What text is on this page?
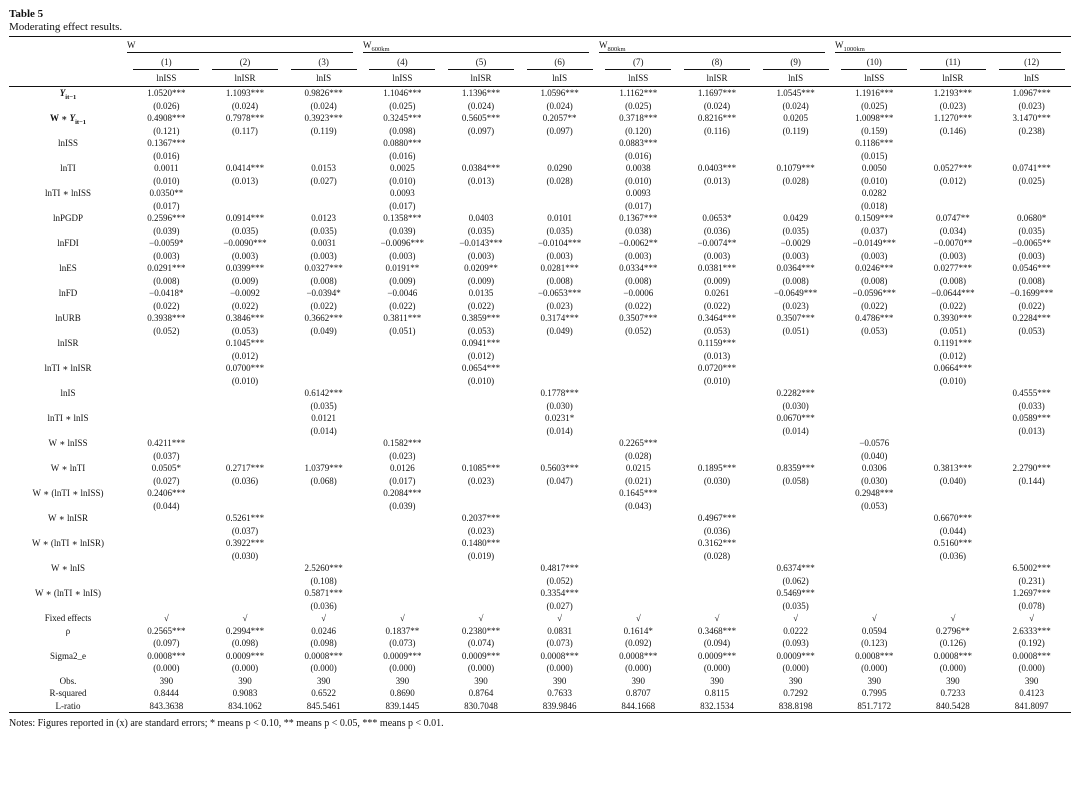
Table 5
Moderating effect results.

	W			$W_{600km}$			$W_{800km}$			$W_{1000km}$

	(1)	(2)	(3)	(4)	(5)	(6)	(7)	(8)	(9)	(10)	(11)	(12)
	lnISS	lnISR	lnIS	lnISS	lnISR	lnIS	lnISS	lnISR	lnIS	lnISS	lnISR	lnIS
$Y_{it-1}$	1.0520***	1.1093***	0.9826***	1.1046***	1.1396***	1.0596***	1.1162***	1.1697***	1.0545***	1.1916***	1.2193***	1.0967***
	(0.026)	(0.024)	(0.024)	(0.025)	(0.024)	(0.024)	(0.025)	(0.024)	(0.024)	(0.025)	(0.023)	(0.023)
W ∗ $Y_{it-1}$	0.4908***	0.7978***	0.3923***	0.3245***	0.5605***	0.2057**	0.3718***	0.8216***	0.0205	1.0098***	1.1270***	3.1470***
	(0.121)	(0.117)	(0.119)	(0.098)	(0.097)	(0.097)	(0.120)	(0.116)	(0.119)	(0.159)	(0.146)	(0.238)
lnISS	0.1367***			0.0880***			0.0883***			0.1186***		
	(0.016)			(0.016)			(0.016)			(0.015)		
lnTI	0.0011	0.0414***	0.0153	0.0025	0.0384***	0.0290	0.0038	0.0403***	0.1079***	0.0050	0.0527***	0.0741***
	(0.010)	(0.013)	(0.027)	(0.010)	(0.013)	(0.028)	(0.010)	(0.013)	(0.028)	(0.010)	(0.012)	(0.025)
lnTI ∗ lnISS	0.0350**			0.0093			0.0093			0.0282		
	(0.017)			(0.017)			(0.017)			(0.018)		
lnPGDP	0.2596***	0.0914***	0.0123	0.1358***	0.0403	0.0101	0.1367***	0.0653*	0.0429	0.1509***	0.0747**	0.0680*
	(0.039)	(0.035)	(0.035)	(0.039)	(0.035)	(0.035)	(0.038)	(0.036)	(0.035)	(0.037)	(0.034)	(0.035)
lnFDI	−0.0059*	−0.0090***	0.0031	−0.0096***	−0.0143***	−0.0104***	−0.0062**	−0.0074**	−0.0029	−0.0149***	−0.0070**	−0.0065**
	(0.003)	(0.003)	(0.003)	(0.003)	(0.003)	(0.003)	(0.003)	(0.003)	(0.003)	(0.003)	(0.003)	(0.003)
lnES	0.0291***	0.0399***	0.0327***	0.0191**	0.0209**	0.0281***	0.0334***	0.0381***	0.0364***	0.0246***	0.0277***	0.0546***
	(0.008)	(0.009)	(0.008)	(0.009)	(0.009)	(0.008)	(0.008)	(0.009)	(0.008)	(0.008)	(0.008)	(0.008)
lnFD	−0.0418*	−0.0092	−0.0394*	−0.0046	0.0135	−0.0653***	−0.0006	0.0261	−0.0649***	−0.0596***	−0.0644***	−0.1699***
	(0.022)	(0.022)	(0.022)	(0.022)	(0.022)	(0.023)	(0.022)	(0.022)	(0.023)	(0.022)	(0.022)	(0.022)
lnURB	0.3938***	0.3846***	0.3662***	0.3811***	0.3859***	0.3174***	0.3507***	0.3464***	0.3507***	0.4786***	0.3930***	0.2284***
	(0.052)	(0.053)	(0.049)	(0.051)	(0.053)	(0.049)	(0.052)	(0.053)	(0.051)	(0.053)	(0.051)	(0.053)
lnISR		0.1045***			0.0941***			0.1159***			0.1191***	
		(0.012)			(0.012)			(0.013)			(0.012)	
lnTI ∗ lnISR		0.0700***			0.0654***			0.0720***			0.0664***	
		(0.010)			(0.010)			(0.010)			(0.010)	
lnIS			0.6142***			0.1778***			0.2282***			0.4555***
			(0.035)			(0.030)			(0.030)			(0.033)
lnTI ∗ lnIS			0.0121			0.0231*			0.0670***			0.0589***
			(0.014)			(0.014)			(0.014)			(0.013)
W ∗ lnISS	0.4211***			0.1582***			0.2265***			−0.0576		
	(0.037)			(0.023)			(0.028)			(0.040)		
W ∗ lnTI	0.0505*	0.2717***	1.0379***	0.0126	0.1085***	0.5603***	0.0215	0.1895***	0.8359***	0.0306	0.3813***	2.2790***
	(0.027)	(0.036)	(0.068)	(0.017)	(0.023)	(0.047)	(0.021)	(0.030)	(0.058)	(0.030)	(0.040)	(0.144)
W ∗ (lnTI ∗ lnISS)	0.2406***			0.2084***			0.1645***			0.2948***		
	(0.044)			(0.039)			(0.043)			(0.053)		
W ∗ lnISR		0.5261***			0.2037***			0.4967***			0.6670***	
		(0.037)			(0.023)			(0.036)			(0.044)	
W ∗ (lnTI ∗ lnISR)		0.3922***			0.1480***			0.3162***			0.5160***	
		(0.030)			(0.019)			(0.028)			(0.036)	
W ∗ lnIS			2.5260***			0.4817***			0.6374***			6.5002***
			(0.108)			(0.052)			(0.062)			(0.231)
W ∗ (lnTI ∗ lnIS)			0.5871***			0.3354***			0.5469***			1.2697***
			(0.036)			(0.027)			(0.035)			(0.078)
Fixed effects	√	√	√	√	√	√	√	√	√	√	√	√
ρ	0.2565***	0.2994***	0.0246	0.1837**	0.2380***	0.0831	0.1614*	0.3468***	0.0222	0.0594	0.2796**	2.6333***
	(0.097)	(0.098)	(0.098)	(0.073)	(0.074)	(0.073)	(0.092)	(0.094)	(0.093)	(0.123)	(0.126)	(0.192)
Sigma2_e	0.0008***	0.0009***	0.0008***	0.0009***	0.0009***	0.0008***	0.0008***	0.0009***	0.0009***	0.0008***	0.0008***	0.0008***
	(0.000)	(0.000)	(0.000)	(0.000)	(0.000)	(0.000)	(0.000)	(0.000)	(0.000)	(0.000)	(0.000)	(0.000)
Obs.	390	390	390	390	390	390	390	390	390	390	390	390
R-squared	0.8444	0.9083	0.6522	0.8690	0.8764	0.7633	0.8707	0.8115	0.7292	0.7995	0.7233	0.4123
L-ratio	843.3638	834.1062	845.5461	839.1445	830.7048	839.9846	844.1668	832.1534	838.8198	851.7172	840.5428	841.8097
Notes: Figures reported in (x) are standard errors; * means p < 0.10, ** means p < 0.05, *** means p < 0.01.
